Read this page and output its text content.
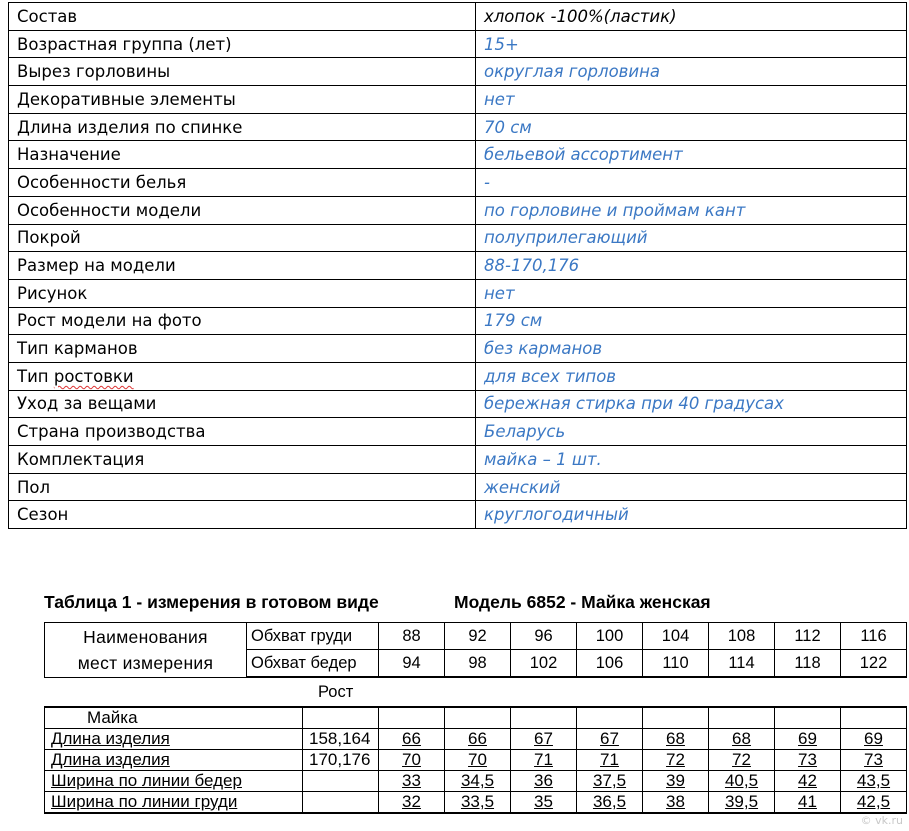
Состав	хлопок -100%(ластик)
Возрастная группа (лет)	15+
Вырез горловины	округлая горловина
Декоративные элементы	нет
Длина изделия по спинке	70 см
Назначение	бельевой ассортимент
Особенности белья	-
Особенности модели	по горловине и проймам кант
Покрой	полуприлегающий
Размер на модели	88-170,176
Рисунок	нет
Рост модели на фото	179 см
Тип карманов	без карманов
Тип ростовки	для всех типов
Уход за вещами	бережная стирка при 40 градусах
Страна производства	Беларусь
Комплектация	майка – 1 шт.
Пол	женский
Сезон	круглогодичный
Таблица 1 - измерения в готовом виде	Модель 6852 - Майка женская
Наименования
мест измерения	Обхват груди	88	92	96	100	104	108	112	116
	Обхват бедер	94	98	102	106	110	114	118	122
Рост
Майка									
Длина изделия	158,164	66	66	67	67	68	68	69	69
Длина изделия	170,176	70	70	71	71	72	72	73	73
Ширина по линии бедер		33	34,5	36	37,5	39	40,5	42	43,5
Ширина по линии груди		32	33,5	35	36,5	38	39,5	41	42,5
© vk.ru
